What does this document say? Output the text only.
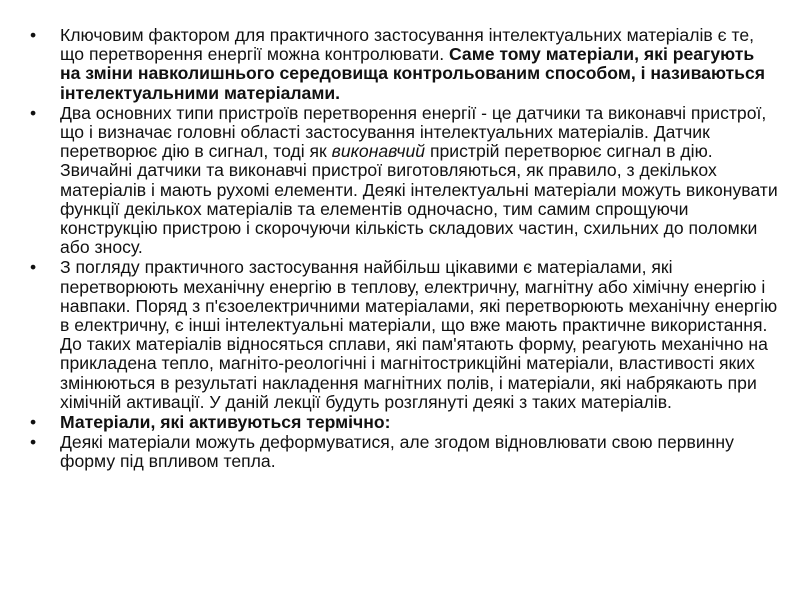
•	Ключовим фактором для практичного застосування інтелектуальних матеріалів є те, що перетворення енергії можна контролювати. Саме тому матеріали, які реагують на зміни навколишнього середовища контрольованим способом, і називаються інтелектуальними матеріалами.
•	Два основних типи пристроїв перетворення енергії - це датчики та виконавчі пристрої, що і визначає головні області застосування інтелектуальних матеріалів. Датчик перетворює дію в сигнал, тоді як виконавчий пристрій перетворює сигнал в дію. Звичайні датчики та виконавчі пристрої виготовляються, як правило, з декількох матеріалів і мають рухомі елементи. Деякі інтелектуальні матеріали можуть виконувати функції декількох матеріалів та елементів одночасно, тим самим спрощуючи конструкцію пристрою і скорочуючи кількість складових частин, схильних до поломки або зносу.
•	З погляду практичного застосування найбільш цікавими є матеріалами, які перетворюють механічну енергію в теплову, електричну, магнітну або хімічну енергію і навпаки. Поряд з п'єзоелектричними матеріалами, які перетворюють механічну енергію в електричну, є інші інтелектуальні матеріали, що вже мають практичне використання. До таких матеріалів відносяться сплави, які пам'ятають форму, реагують механічно на прикладена тепло, магніто-реологічні і магнітострикційні матеріали, властивості яких змінюються в результаті накладення магнітних полів, і матеріали, які набрякають при хімічній активації. У даній лекції будуть розглянуті деякі з таких матеріалів.
•	Матеріали, які активуються термічно:
•	Деякі матеріали можуть деформуватися, але згодом відновлювати свою первинну форму під впливом тепла.
